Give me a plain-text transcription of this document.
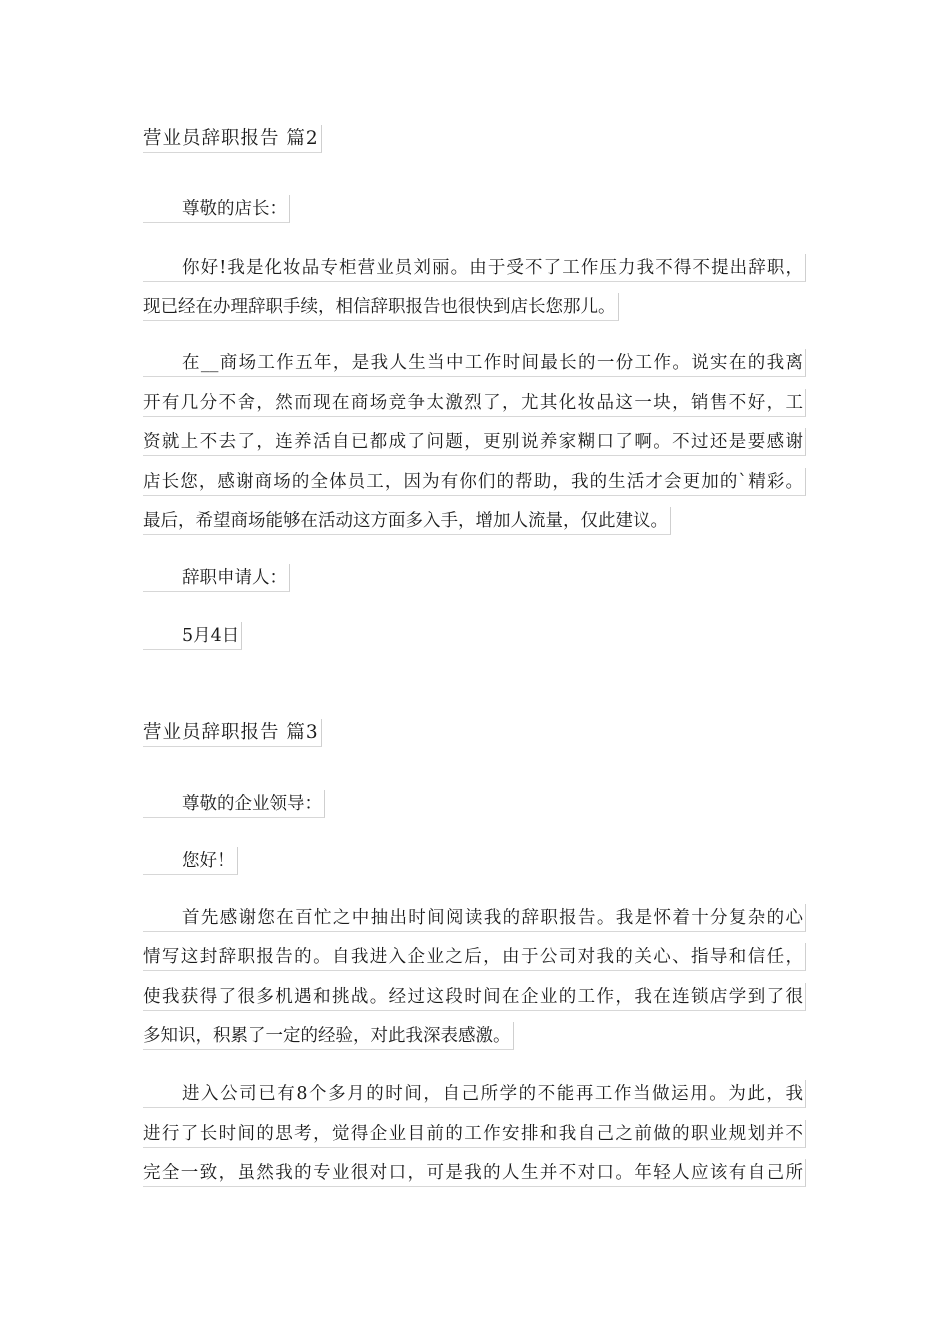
营业员辞职报告 篇2
尊敬的店长：
你好!我是化妆品专柜营业员刘丽。由于受不了工作压力我不得不提出辞职，
现已经在办理辞职手续，相信辞职报告也很快到店长您那儿。
在__商场工作五年，是我人生当中工作时间最长的一份工作。说实在的我离
开有几分不舍，然而现在商场竞争太激烈了，尤其化妆品这一块，销售不好，工
资就上不去了，连养活自已都成了问题，更别说养家糊口了啊。不过还是要感谢
店长您，感谢商场的全体员工，因为有你们的帮助，我的生活才会更加的`精彩。
最后，希望商场能够在活动这方面多入手，增加人流量，仅此建议。
辞职申请人：
5月4日
营业员辞职报告 篇3
尊敬的企业领导：
您好！
首先感谢您在百忙之中抽出时间阅读我的辞职报告。我是怀着十分复杂的心
情写这封辞职报告的。自我进入企业之后，由于公司对我的关心、指导和信任，
使我获得了很多机遇和挑战。经过这段时间在企业的工作，我在连锁店学到了很
多知识，积累了一定的经验，对此我深表感激。
进入公司已有8个多月的时间，自己所学的不能再工作当做运用。为此，我
进行了长时间的思考，觉得企业目前的工作安排和我自己之前做的职业规划并不
完全一致，虽然我的专业很对口，可是我的人生并不对口。年轻人应该有自己所
